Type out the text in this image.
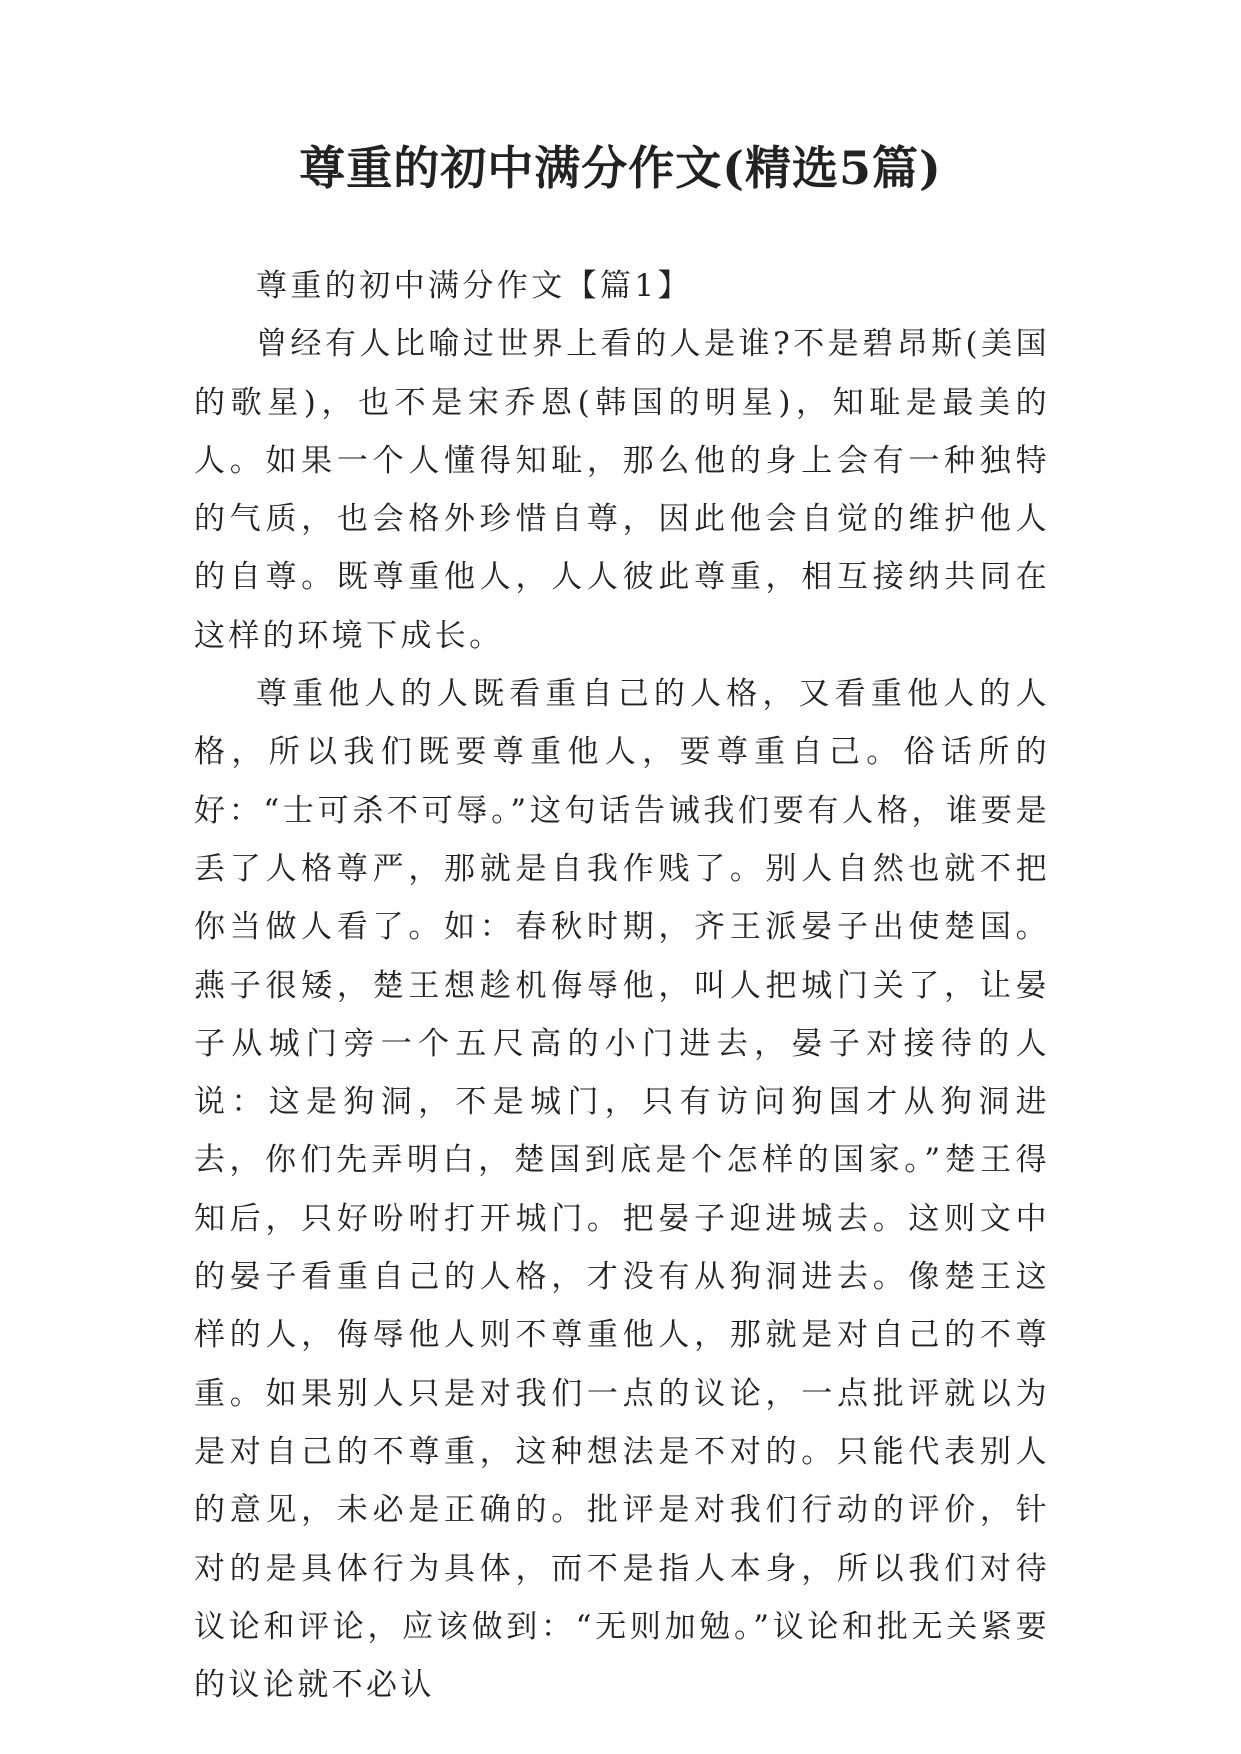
尊重的初中满分作文(精选5篇)

尊重的初中满分作文【篇1】

曾经有人比喻过世界上看的人是谁?不是碧昂斯(美国的歌星)，也不是宋乔恩(韩国的明星)，知耻是最美的人。如果一个人懂得知耻，那么他的身上会有一种独特的气质，也会格外珍惜自尊，因此他会自觉的维护他人的自尊。既尊重他人，人人彼此尊重，相互接纳共同在这样的环境下成长。

尊重他人的人既看重自己的人格，又看重他人的人格，所以我们既要尊重他人，要尊重自己。俗话所的好：“士可杀不可辱。”这句话告诫我们要有人格，谁要是丢了人格尊严，那就是自我作贱了。别人自然也就不把你当做人看了。如：春秋时期，齐王派晏子出使楚国。燕子很矮，楚王想趁机侮辱他，叫人把城门关了，让晏子从城门旁一个五尺高的小门进去，晏子对接待的人说：这是狗洞，不是城门，只有访问狗国才从狗洞进去，你们先弄明白，楚国到底是个怎样的国家。”楚王得知后，只好吩咐打开城门。把晏子迎进城去。这则文中的晏子看重自己的人格，才没有从狗洞进去。像楚王这样的人，侮辱他人则不尊重他人，那就是对自己的不尊重。如果别人只是对我们一点的议论，一点批评就以为是对自己的不尊重，这种想法是不对的。只能代表别人的意见，未必是正确的。批评是对我们行动的评价，针对的是具体行为具体，而不是指人本身，所以我们对待议论和评论，应该做到：“无则加勉。”议论和批无关紧要的议论就不必认
